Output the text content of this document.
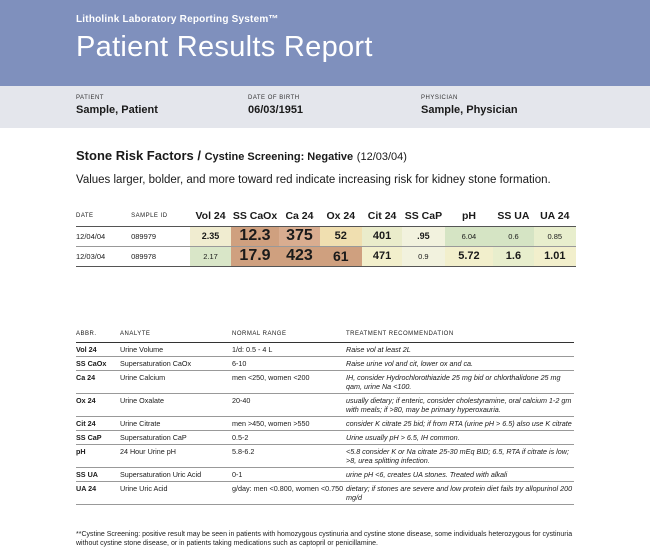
Litholink Laboratory Reporting System™
Patient Results Report
PATIENT
Sample, Patient
DATE OF BIRTH
06/03/1951
PHYSICIAN
Sample, Physician
Stone Risk Factors / Cystine Screening: Negative (12/03/04)
Values larger, bolder, and more toward red indicate increasing risk for kidney stone formation.
DATE	SAMPLE ID	Vol 24	SS CaOx	Ca 24	Ox 24	Cit 24	SS CaP	pH	SS UA	UA 24
12/04/04	089979	2.35	12.3	375	52	401	.95	6.04	0.6	0.85
12/03/04	089978	2.17	17.9	423	61	471	0.9	5.72	1.6	1.01
ABBR.	ANALYTE	NORMAL RANGE	TREATMENT RECOMMENDATION
Vol 24	Urine Volume	1/d: 0.5 - 4 L	Raise vol at least 2L
SS CaOx	Supersaturation CaOx	6-10	Raise urine vol and cit, lower ox and ca.
Ca 24	Urine Calcium	men <250, women <200	IH, consider Hydrochlorothiazide 25 mg bid or chlorthalidone 25 mg qam, urine Na <100.
Ox 24	Urine Oxalate	20-40	usually dietary; if enteric, consider cholestyramine, oral calcium 1-2 gm with meals; if >80, may be primary hyperoxauria.
Cit 24	Urine Citrate	men >450, women >550	consider K citrate 25 bid; if from RTA (urine pH > 6.5) also use K citrate
SS CaP	Supersaturation CaP	0.5-2	Urine usually pH > 6.5, IH common.
pH	24 Hour Urine pH	5.8-6.2	<5.8 consider K or Na citrate 25-30 mEq BID; 6.5, RTA if citrate is low; >8, urea splitting infection.
SS UA	Supersaturation Uric Acid	0-1	urine pH <6, creates UA stones. Treated with alkali
UA 24	Urine Uric Acid	g/day: men <0.800, women <0.750	dietary; if stones are severe and low protein diet fails try allopurinol 200 mg/d
**Cystine Screening: positive result may be seen in patients with homozygous cystinuria and cystine stone disease, some individuals heterozygous for cystinuria without cystine stone disease, or in patients taking medications such as captopril or penicillamine.
